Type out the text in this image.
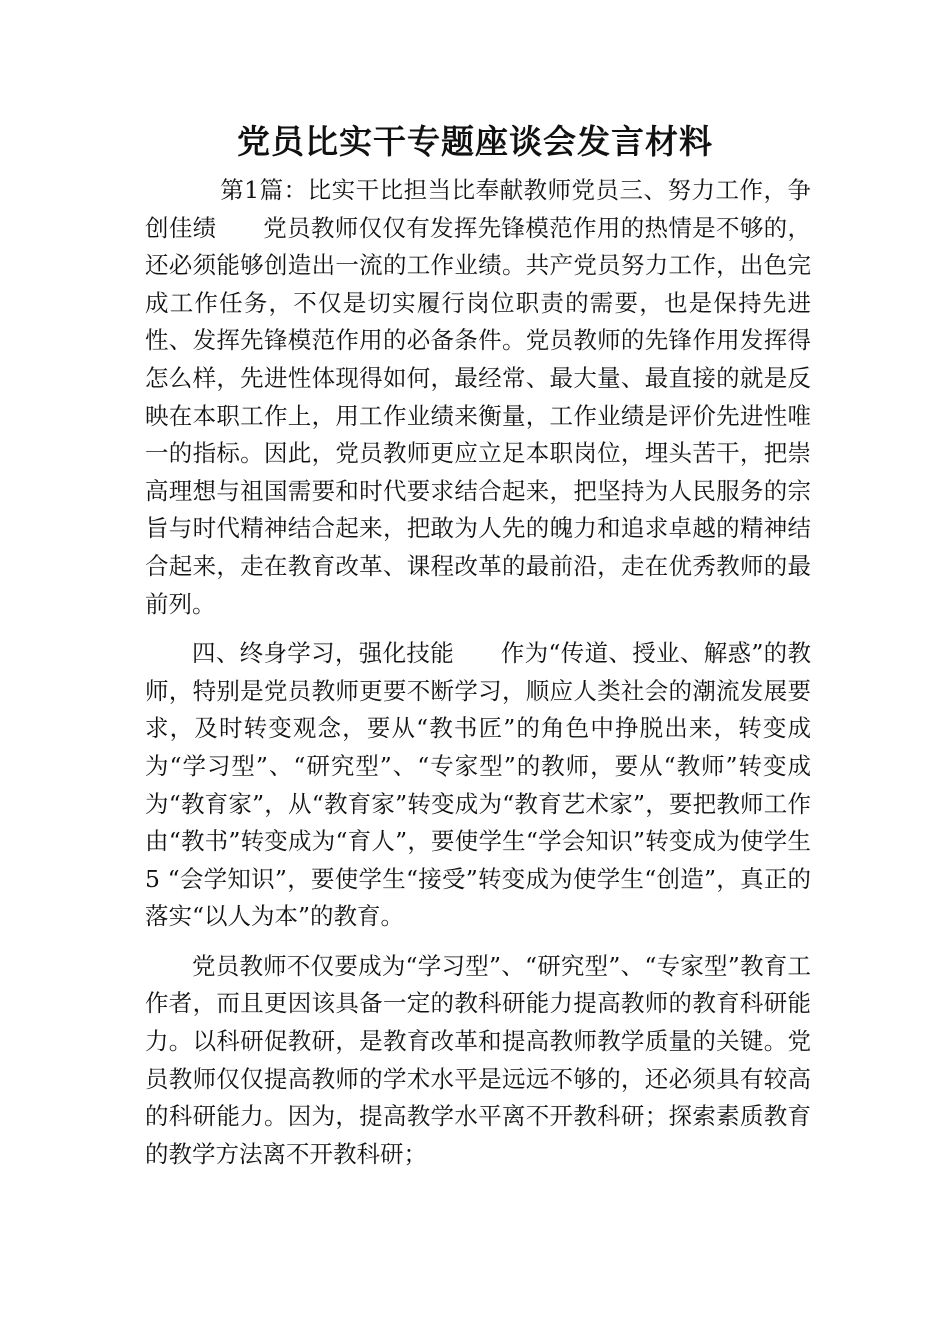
党员比实干专题座谈会发言材料

第1篇：比实干比担当比奉献教师党员三、努力工作，争创佳绩      党员教师仅仅有发挥先锋模范作用的热情是不够的，还必须能够创造出一流的工作业绩。共产党员努力工作，出色完成工作任务，不仅是切实履行岗位职责的需要，也是保持先进性、发挥先锋模范作用的必备条件。党员教师的先锋作用发挥得怎么样，先进性体现得如何，最经常、最大量、最直接的就是反映在本职工作上，用工作业绩来衡量，工作业绩是评价先进性唯一的指标。因此，党员教师更应立足本职岗位，埋头苦干，把崇高理想与祖国需要和时代要求结合起来，把坚持为人民服务的宗旨与时代精神结合起来，把敢为人先的魄力和追求卓越的精神结合起来，走在教育改革、课程改革的最前沿，走在优秀教师的最前列。

四、终身学习，强化技能      作为“传道、授业、解惑”的教师，特别是党员教师更要不断学习，顺应人类社会的潮流发展要求，及时转变观念，要从“教书匠”的角色中挣脱出来，转变成为“学习型”、“研究型”、“专家型”的教师，要从“教师”转变成为“教育家”，从“教育家”转变成为“教育艺术家”，要把教师工作由“教书”转变成为“育人”，要使学生“学会知识”转变成为使学生 5 “会学知识”，要使学生“接受”转变成为使学生“创造”，真正的落实“以人为本”的教育。

党员教师不仅要成为“学习型”、“研究型”、“专家型”教育工作者，而且更因该具备一定的教科研能力提高教师的教育科研能力。以科研促教研，是教育改革和提高教师教学质量的关键。党员教师仅仅提高教师的学术水平是远远不够的，还必须具有较高的科研能力。因为，提高教学水平离不开教科研；探索素质教育的教学方法离不开教科研；
